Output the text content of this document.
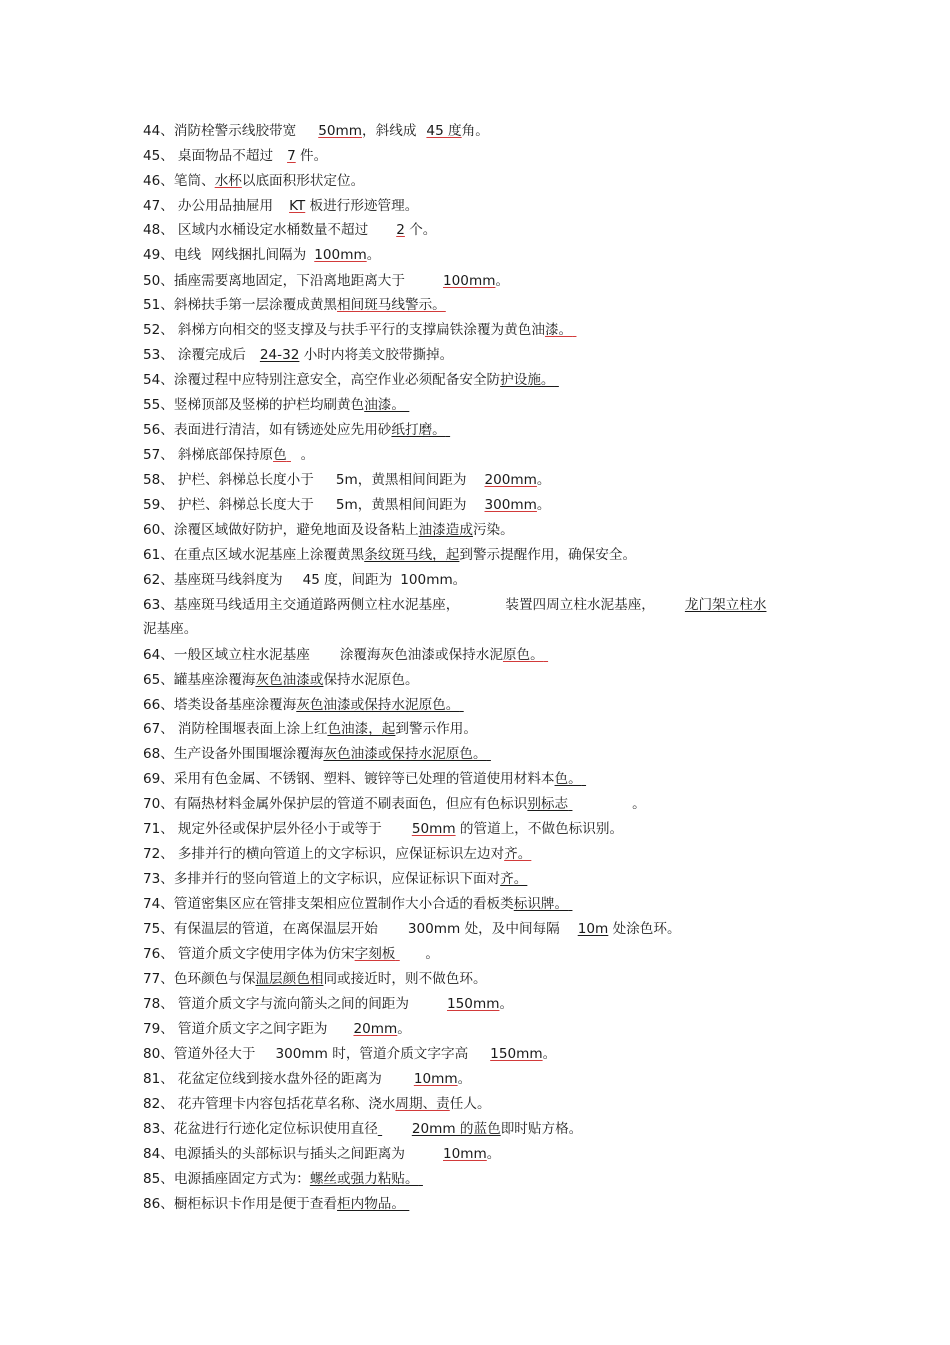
44、消防栓警示线胶带宽 50mm，斜线成 45 度角。
45、 桌面物品不超过 7 件。
46、笔筒、水杯以底面积形状定位。
47、 办公用品抽屉用 KT 板进行形迹管理。
48、 区域内水桶设定水桶数量不超过 2 个。
49、电线 网线捆扎间隔为 100mm。
50、插座需要离地固定，下沿离地距离大于	100mm。
51、斜梯扶手第一层涂覆成黄黑相间斑马线警示。
52、 斜梯方向相交的竖支撑及与扶手平行的支撑扁铁涂覆为黄色油漆。
53、 涂覆完成后 24-32 小时内将美文胶带撕掉。
54、涂覆过程中应特别注意安全，高空作业必须配备安全防护设施。
55、竖梯顶部及竖梯的护栏均刷黄色油漆。
56、表面进行清洁，如有锈迹处应先用砂纸打磨。
57、 斜梯底部保持原色 。
58、 护栏、斜梯总长度小于 5m，黄黑相间间距为 200mm。
59、 护栏、斜梯总长度大于 5m，黄黑相间间距为 300mm。
60、涂覆区域做好防护，避免地面及设备粘上油漆造成污染。
61、在重点区域水泥基座上涂覆黄黑条纹斑马线，起到警示提醒作用，确保安全。
62、基座斑马线斜度为 45 度，间距为 100mm。
63、基座斑马线适用主交通道路两侧立柱水泥基座，	装置四周立柱水泥基座， 龙门架立柱水
泥基座。
64、一般区域立柱水泥基座 涂覆海灰色油漆或保持水泥原色。
65、罐基座涂覆海灰色油漆或保持水泥原色。
66、塔类设备基座涂覆海灰色油漆或保持水泥原色。
67、 消防栓围堰表面上涂上红色油漆，起到警示作用。
68、生产设备外围围堰涂覆海灰色油漆或保持水泥原色。
69、采用有色金属、不锈钢、塑料、镀锌等已处理的管道使用材料本色。
70、有隔热材料金属外保护层的管道不刷表面色，但应有色标识别标志	。
71、 规定外径或保护层外径小于或等于 50mm 的管道上，不做色标识别。
72、 多排并行的横向管道上的文字标识，应保证标识左边对齐。
73、多排并行的竖向管道上的文字标识，应保证标识下面对齐。
74、管道密集区应在管排支架相应位置制作大小合适的看板类标识牌。
75、有保温层的管道，在离保温层开始 300mm 处，及中间每隔 10m 处涂色环。
76、 管道介质文字使用字体为仿宋字刻板 。
77、色环颜色与保温层颜色相同或接近时，则不做色环。
78、 管道介质文字与流向箭头之间的间距为	150mm。
79、 管道介质文字之间字距为 20mm。
80、管道外径大于 300mm 时，管道介质文字字高 150mm。
81、 花盆定位线到接水盘外径的距离为 10mm。
82、 花卉管理卡内容包括花草名称、浇水周期、责任人。
83、花盆进行行迹化定位标识使用直径	20mm 的蓝色即时贴方格。
84、电源插头的头部标识与插头之间距离为	10mm。
85、电源插座固定方式为：螺丝或强力粘贴。
86、橱柜标识卡作用是便于查看柜内物品。
